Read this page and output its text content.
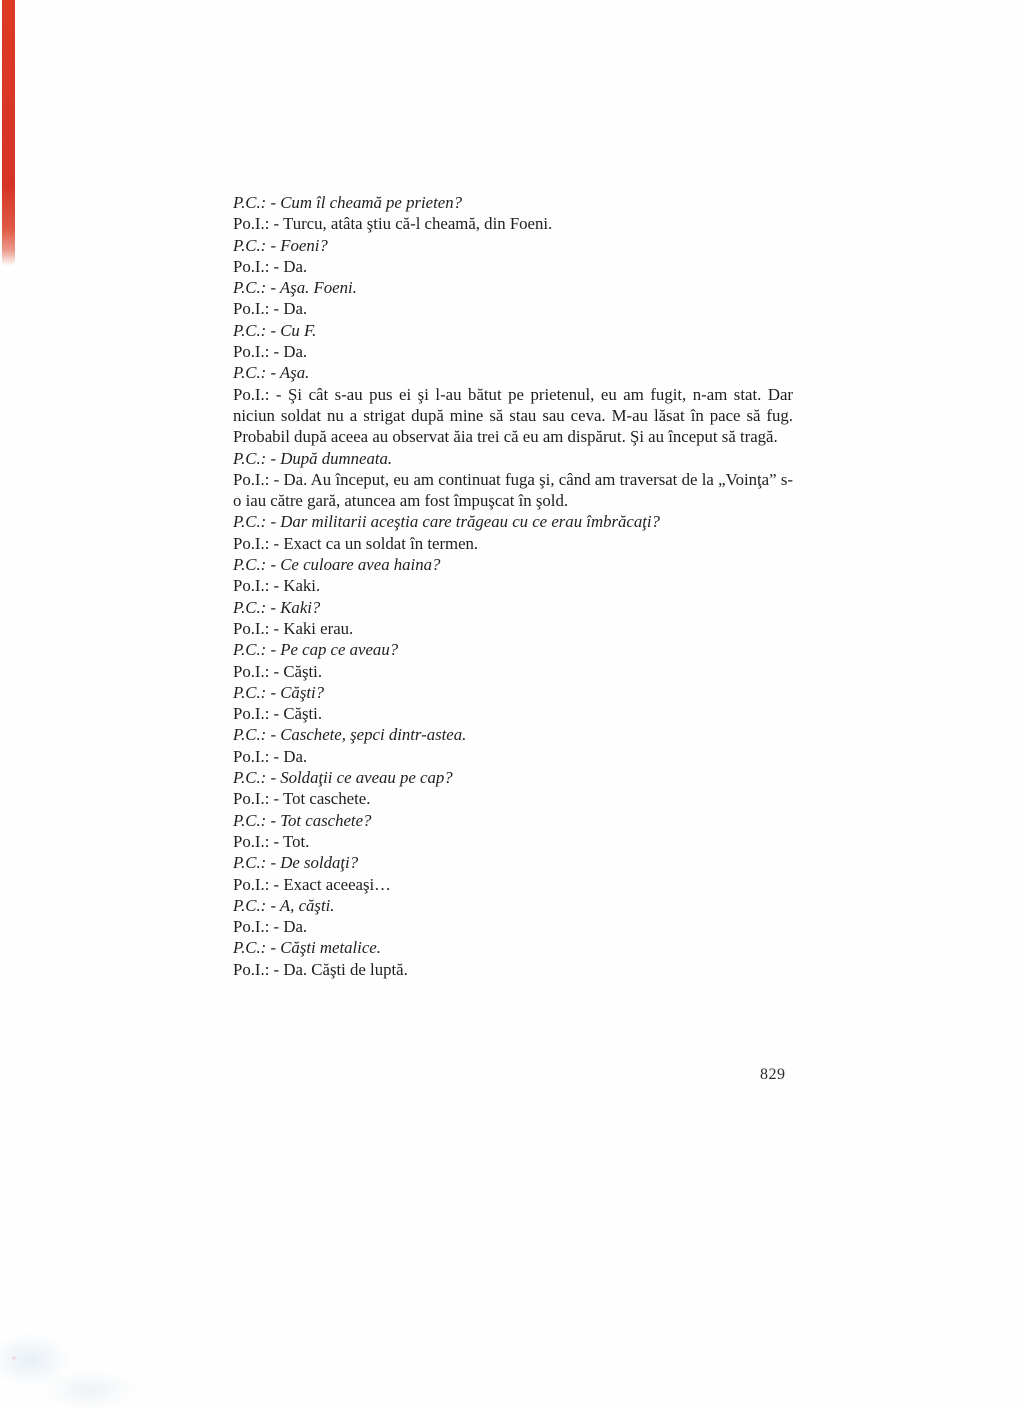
P.C.: - Cum îl cheamă pe prieten?

Po.I.: - Turcu, atâta ştiu că-l cheamă, din Foeni.

P.C.: - Foeni?

Po.I.: - Da.

P.C.: - Aşa. Foeni.

Po.I.: - Da.

P.C.: - Cu F.

Po.I.: - Da.

P.C.: - Aşa.

Po.I.: - Şi cât s-au pus ei şi l-au bătut pe prietenul, eu am fugit, n-am stat. Dar niciun soldat nu a strigat după mine să stau sau ceva. M-au lăsat în pace să fug. Probabil după aceea au observat ăia trei că eu am dispărut. Şi au început să tragă.

P.C.: - După dumneata.

Po.I.: - Da. Au început, eu am continuat fuga şi, când am traversat de la „Voinţa” s-o iau către gară, atuncea am fost împuşcat în şold.

P.C.: - Dar militarii aceştia care trăgeau cu ce erau îmbrăcaţi?

Po.I.: - Exact ca un soldat în termen.

P.C.: - Ce culoare avea haina?

Po.I.: - Kaki.

P.C.: - Kaki?

Po.I.: - Kaki erau.

P.C.: - Pe cap ce aveau?

Po.I.: - Căşti.

P.C.: - Căşti?

Po.I.: - Căşti.

P.C.: - Caschete, şepci dintr-astea.

Po.I.: - Da.

P.C.: - Soldaţii ce aveau pe cap?

Po.I.: - Tot caschete.

P.C.: - Tot caschete?

Po.I.: - Tot.

P.C.: - De soldaţi?

Po.I.: - Exact aceeaşi…

P.C.: - A, căşti.

Po.I.: - Da.

P.C.: - Căşti metalice.

Po.I.: - Da. Căşti de luptă.

829
